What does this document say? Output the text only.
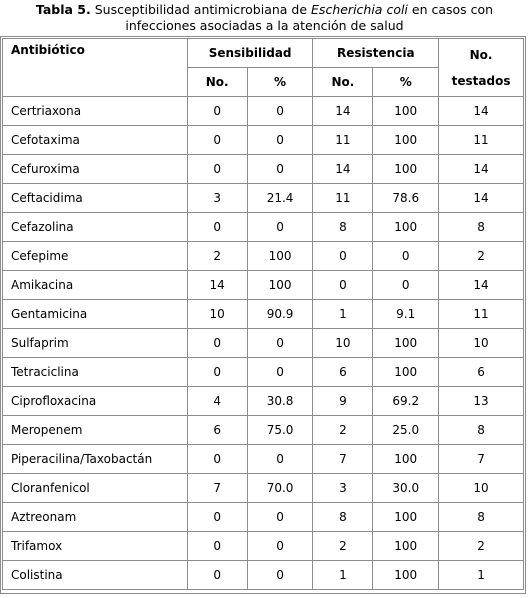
Tabla 5. Susceptibilidad antimicrobiana de Escherichia coli en casos con
infecciones asociadas a la atención de salud
Antibiótico	Sensibilidad		Resistencia		No.
testados

	No.	%	No.	%	
Certriaxona	0	0	14	100	14
Cefotaxima	0	0	11	100	11
Cefuroxima	0	0	14	100	14
Ceftacidima	3	21.4	11	78.6	14
Cefazolina	0	0	8	100	8
Cefepime	2	100	0	0	2
Amikacina	14	100	0	0	14
Gentamicina	10	90.9	1	9.1	11
Sulfaprim	0	0	10	100	10
Tetraciclina	0	0	6	100	6
Ciprofloxacina	4	30.8	9	69.2	13
Meropenem	6	75.0	2	25.0	8
Piperacilina/Taxobactán	0	0	7	100	7
Cloranfenicol	7	70.0	3	30.0	10
Aztreonam	0	0	8	100	8
Trifamox	0	0	2	100	2
Colistina	0	0	1	100	1
